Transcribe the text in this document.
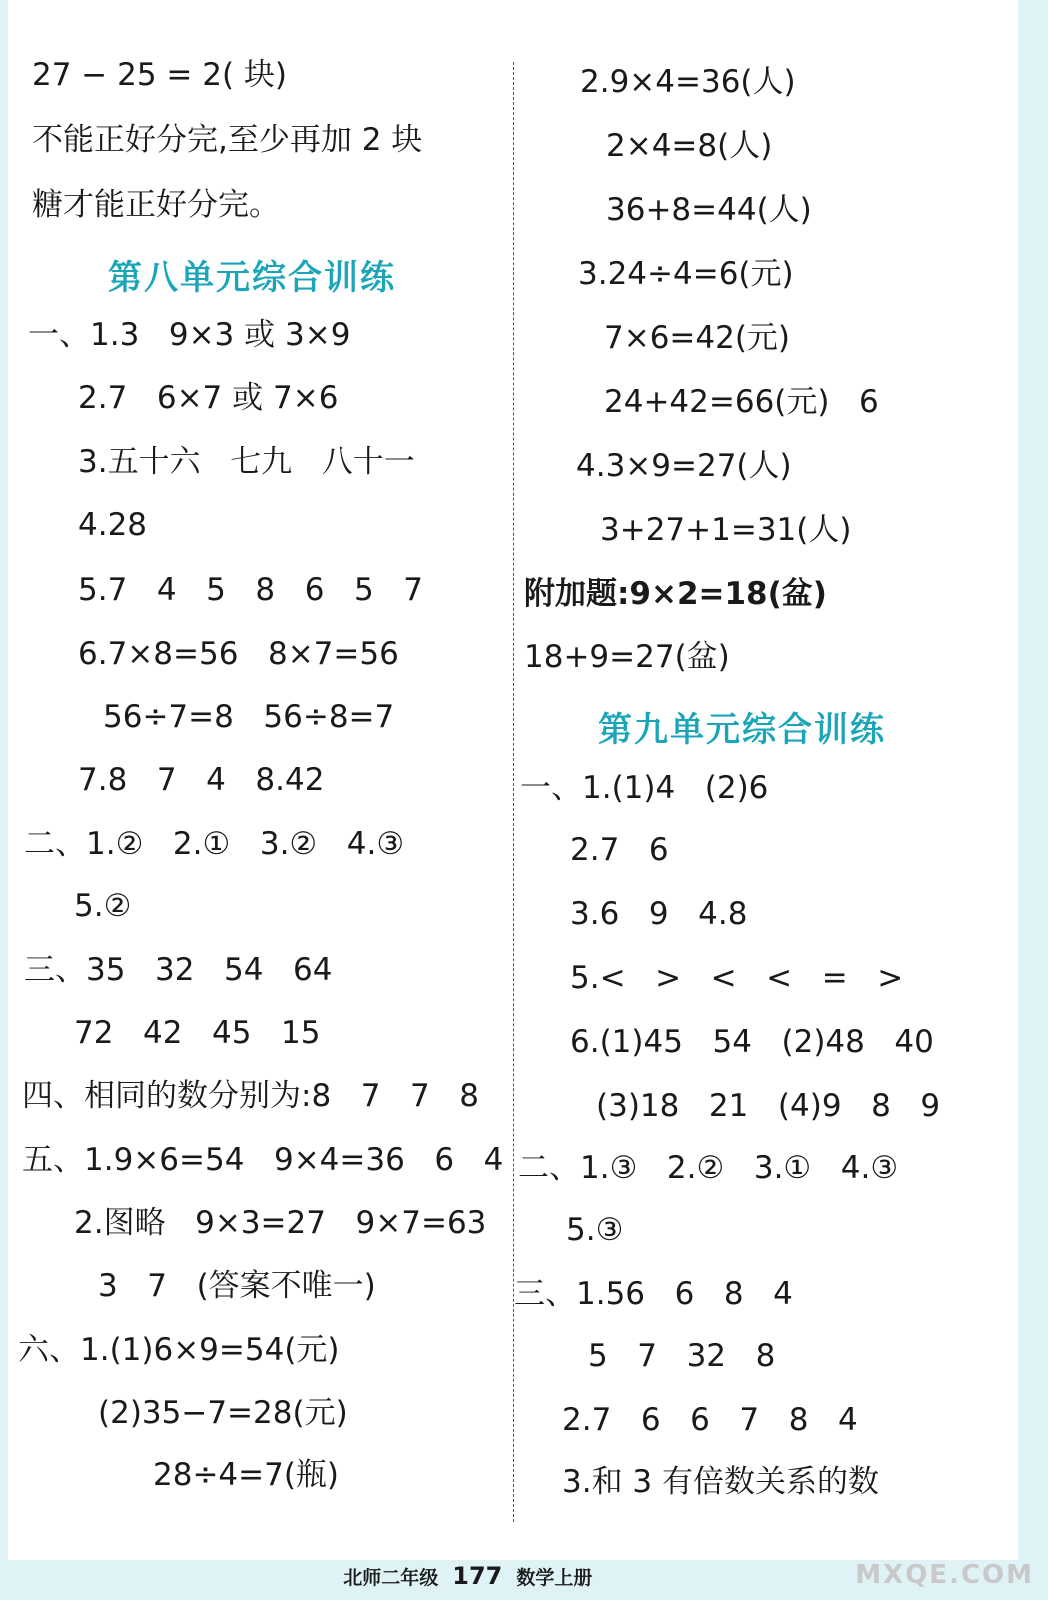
27 − 25 = 2( 块)
不能正好分完,至少再加 2 块
糖才能正好分完。
第八单元综合训练
一、1.3   9×3 或 3×9
2.7   6×7 或 7×6
3.五十六   七九   八十一
4.28
5.7   4   5   8   6   5   7
6.7×8=56   8×7=56
56÷7=8   56÷8=7
7.8   7   4   8.42
二、1.②   2.①   3.②   4.③
5.②
三、35   32   54   64
72   42   45   15
四、相同的数分别为:8   7   7   8
五、1.9×6=54   9×4=36   6   4
2.图略   9×3=27   9×7=63
3   7   (答案不唯一)
六、1.(1)6×9=54(元)
(2)35−7=28(元)
28÷4=7(瓶)
2.9×4=36(人)
2×4=8(人)
36+8=44(人)
3.24÷4=6(元)
7×6=42(元)
24+42=66(元)   6
4.3×9=27(人)
3+27+1=31(人)
附加题:9×2=18(盆)
18+9=27(盆)
第九单元综合训练
一、1.(1)4   (2)6
2.7   6
3.6   9   4.8
5.<   >   <   <   =   >
6.(1)45   54   (2)48   40
(3)18   21   (4)9   8   9
二、1.③   2.②   3.①   4.③
5.③
三、1.56   6   8   4
5   7   32   8
2.7   6   6   7   8   4
3.和 3 有倍数关系的数

北师二年级 177 数学上册	MXQE.COM
